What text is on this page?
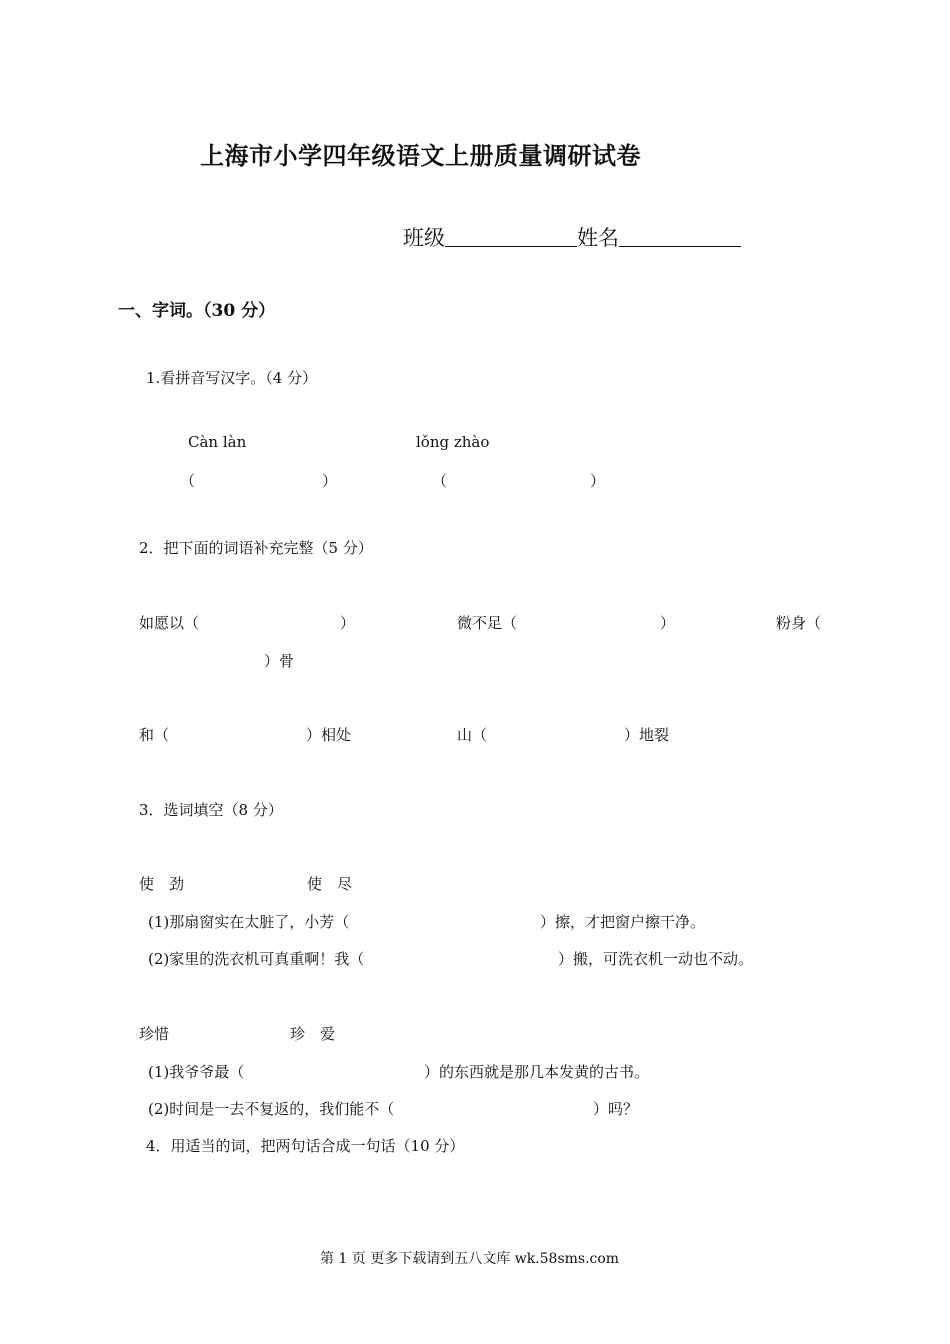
上海市小学四年级语文上册质量调研试卷
班级	姓名
一、字词。（30 分）
1.看拼音写汉字。（4 分）
Càn làn	lǒng zhào
（	）	（	）
2．把下面的词语补充完整（5 分）
如愿以（	）	微不足（	）	粉身（
）骨
和（	）相处	山（	）地裂
3．选词填空（8 分）
使　劲	使　尽
(1)那扇窗实在太脏了，小芳（	）擦，才把窗户擦干净。
(2)家里的洗衣机可真重啊！我（	）搬，可洗衣机一动也不动。
珍惜	珍　爱
(1)我爷爷最（	）的东西就是那几本发黄的古书。
(2)时间是一去不复返的，我们能不（	）吗？
4．用适当的词，把两句话合成一句话（10 分）
第 1 页 更多下载请到五八文库 wk.58sms.com
